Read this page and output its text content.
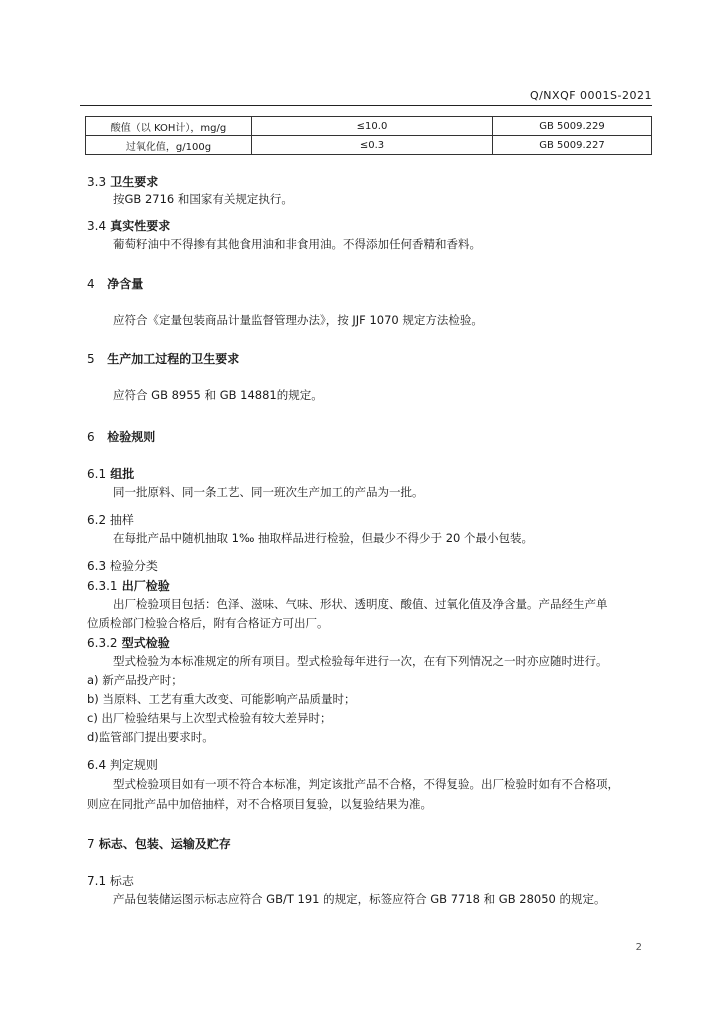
Q/NXQF 0001S-2021
酸值（以 KOH计），mg/g	≤10.0	GB 5009.229
过氧化值，g/100g	≤0.3	GB 5009.227
3.3 卫生要求
按GB 2716 和国家有关规定执行。
3.4 真实性要求
葡萄籽油中不得掺有其他食用油和非食用油。不得添加任何香精和香料。
4 净含量
应符合《定量包装商品计量监督管理办法》，按 JJF 1070 规定方法检验。
5 生产加工过程的卫生要求
应符合 GB 8955 和 GB 14881的规定。
6 检验规则
6.1 组批
同一批原料、同一条工艺、同一班次生产加工的产品为一批。
6.2 抽样
在每批产品中随机抽取 1‰ 抽取样品进行检验，但最少不得少于 20 个最小包装。
6.3 检验分类
6.3.1 出厂检验
出厂检验项目包括：色泽、滋味、气味、形状、透明度、酸值、过氧化值及净含量。产品经生产单
位质检部门检验合格后，附有合格证方可出厂。
6.3.2 型式检验
型式检验为本标准规定的所有项目。型式检验每年进行一次，在有下列情况之一时亦应随时进行。
a) 新产品投产时；
b) 当原料、工艺有重大改变、可能影响产品质量时；
c) 出厂检验结果与上次型式检验有较大差异时；
d)监管部门提出要求时。
6.4 判定规则
型式检验项目如有一项不符合本标准，判定该批产品不合格，不得复验。出厂检验时如有不合格项，
则应在同批产品中加倍抽样，对不合格项目复验，以复验结果为准。
7 标志、包装、运输及贮存
7.1 标志
产品包装储运图示标志应符合 GB/T 191 的规定，标签应符合 GB 7718 和 GB 28050 的规定。
2
